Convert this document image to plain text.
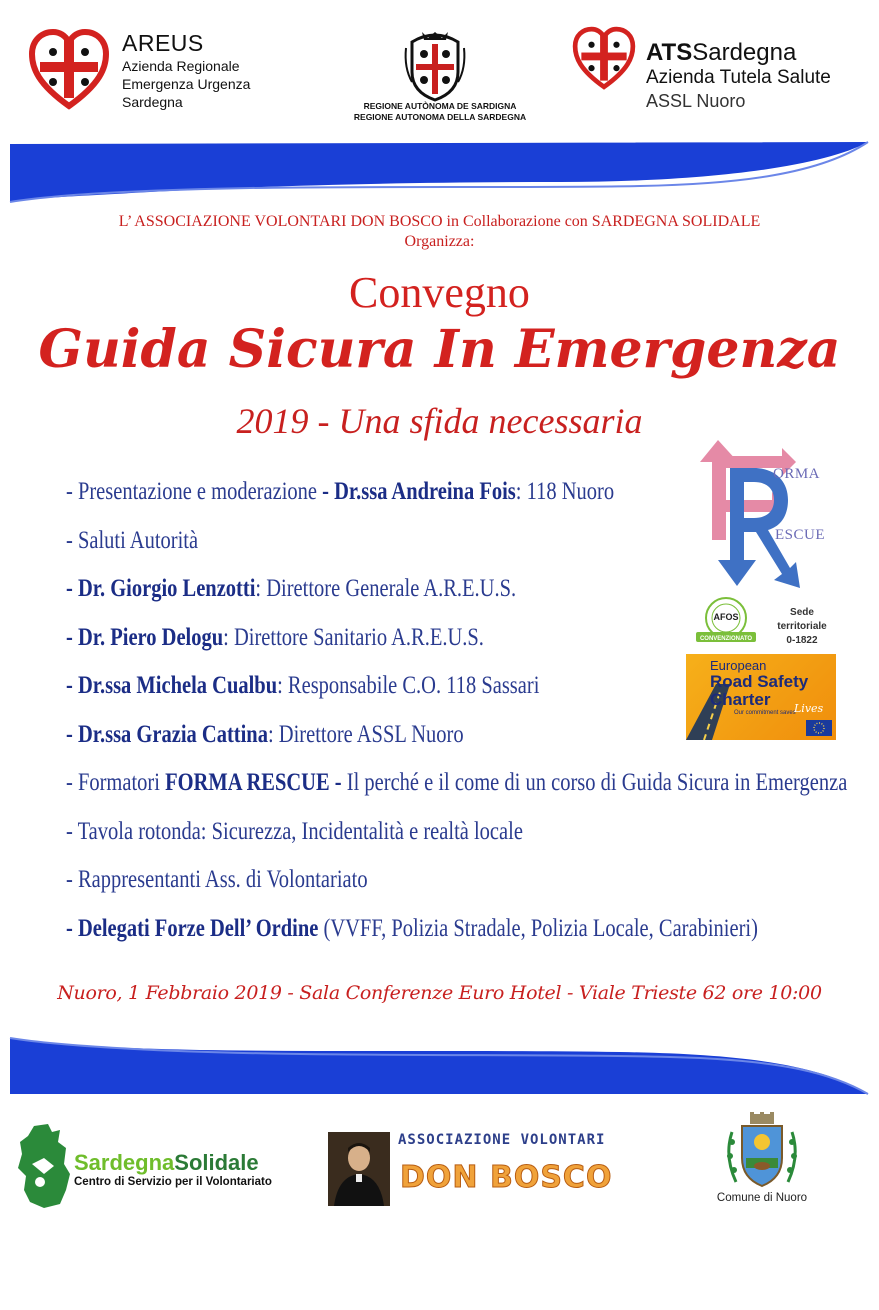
AREUS
Azienda Regionale
Emergenza Urgenza
Sardegna	REGIONE AUTÒNOMA DE SARDIGNA
REGIONE AUTONOMA DELLA SARDEGNA
ATSSardegna
Azienda Tutela Salute
ASSL Nuoro
L’ ASSOCIAZIONE VOLONTARI DON BOSCO in Collaborazione con SARDEGNA SOLIDALE
Organizza:
Convegno
Guida Sicura In Emergenza
2019 - Una sfida necessaria
- Presentazione e moderazione - Dr.ssa Andreina Fois: 118 Nuoro
- Saluti Autorità
- Dr. Giorgio Lenzotti: Direttore Generale A.R.E.U.S.
- Dr. Piero Delogu: Direttore Sanitario A.R.E.U.S.
- Dr.ssa Michela Cualbu: Responsabile C.O. 118 Sassari
- Dr.ssa Grazia Cattina: Direttore ASSL Nuoro
- Formatori FORMA RESCUE - Il perché e il come di un corso di Guida Sicura in Emergenza
- Tavola rotonda: Sicurezza, Incidentalità e realtà locale
- Rappresentanti Ass. di Volontariato
- Delegati Forze Dell’ Ordine (VVFF, Polizia Stradale, Polizia Locale, Carabinieri)
ORMA
ESCUE
AFOS
CONVENZIONATO
Sede territoriale
0-1822
European
Road Safety
Charter
Our commitment saves
Lives
Nuoro, 1 Febbraio 2019 - Sala Conferenze Euro Hotel - Viale Trieste 62 ore 10:00
SardegnaSolidale
Centro di Servizio per il Volontariato
ASSOCIAZIONE VOLONTARI
DON BOSCO
Comune di Nuoro
